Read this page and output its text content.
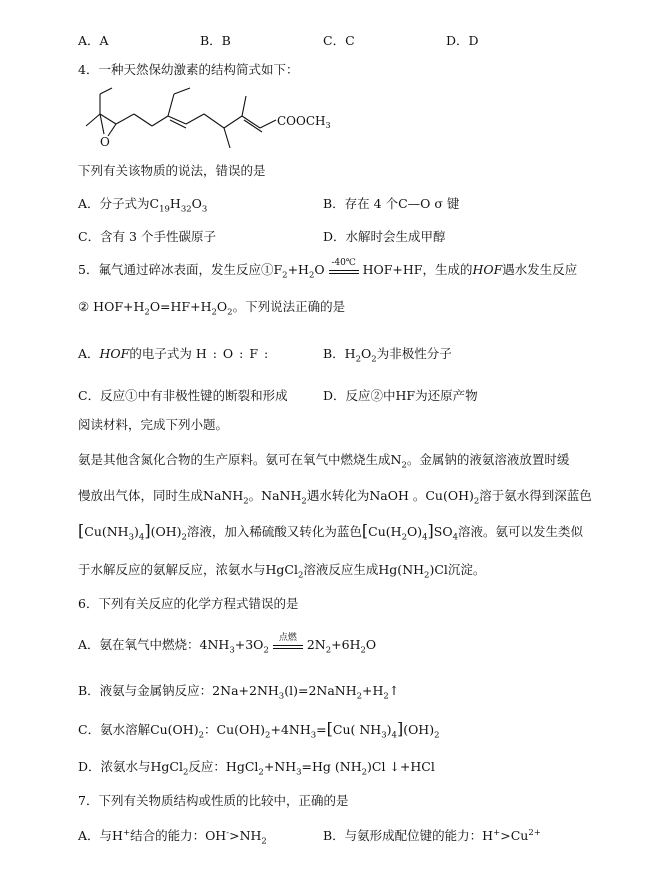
A．A	B．B	C．C	D．D
4．一种天然保幼激素的结构简式如下：
O
$COOCH_3$
下列有关该物质的说法，错误的是
A．分子式为$C_{19}H_{32}O_3$	B．存在 4 个C—O σ 键
C．含有 3 个手性碳原子	D．水解时会生成甲醇
5．氟气通过碎冰表面，发生反应$①F_2+H_2O$ -40℃ HOF+HF，生成的HOF遇水发生反应
② $HOF+H_2O=HF+H_2O_2$。下列说法正确的是
A．HOF的电子式为 H : O : F :	B．$H_2O_2$为非极性分子
C．反应①中有非极性键的断裂和形成	D．反应②中HF为还原产物
阅读材料，完成下列小题。
氨是其他含氮化合物的生产原料。氨可在氧气中燃烧生成$N_2$。金属钠的液氨溶液放置时缓
慢放出气体，同时生成NaNH$_2$。NaNH$_2$遇水转化为NaOH 。$Cu(OH)_2$溶于氨水得到深蓝色
$[Cu(NH_3)_4](OH)_2$溶液，加入稀硫酸又转化为蓝色$[Cu(H_2O)_4]SO_4$溶液。氨可以发生类似
于水解反应的氨解反应，浓氨水与HgCl$_2$溶液反应生成$Hg(NH_2)Cl$沉淀。
6．下列有关反应的化学方程式错误的是
A．氨在氧气中燃烧：$4NH_3+3O_2$
点燃 $2N_2+6H_2O$
B．液氨与金属钠反应：$2Na+2NH_3(l)=2NaNH_2+H_2↑$
C．氨水溶解$Cu(OH)_2$：$Cu(OH)_2+4NH_3=[Cu$( $NH_3)_4](OH)_2$
D．浓氨水与HgCl$_2$反应：$HgCl_2+NH_3=Hg$ $(NH_2)Cl$ ↓+HCl
7．下列有关物质结构或性质的比较中，正确的是
A．与H+结合的能力：$OH^->NH_2$	B．与氨形成配位键的能力：$H^+>Cu^{2+}$
